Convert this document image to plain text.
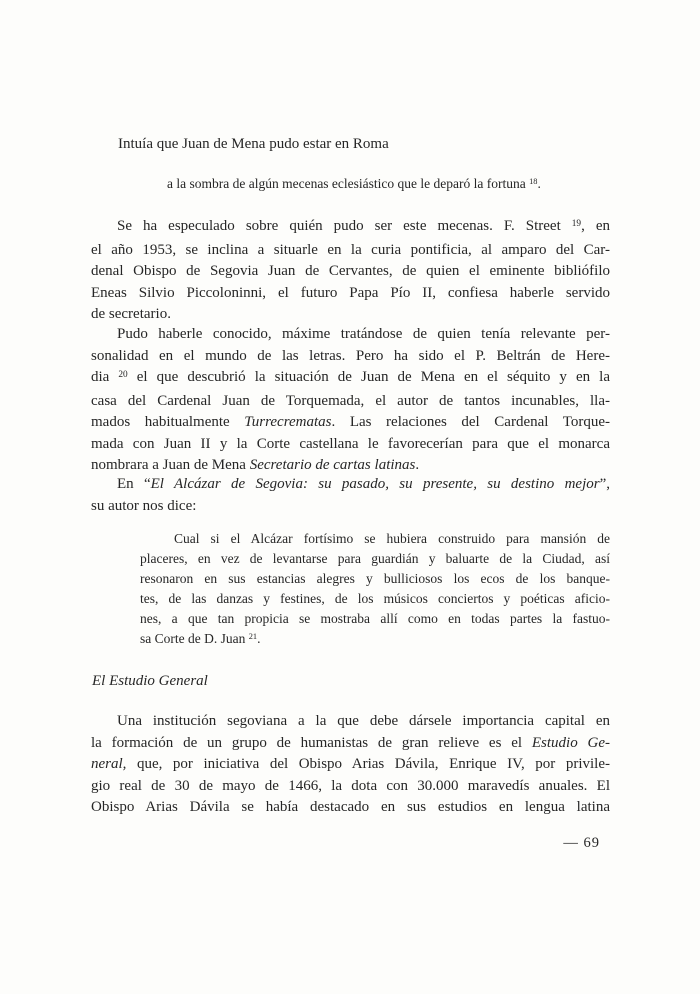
Intuía que Juan de Mena pudo estar en Roma
a la sombra de algún mecenas eclesiástico que le deparó la fortuna $^{18}$.
Se ha especulado sobre quién pudo ser este mecenas. F. Street $^{19}$, en
el año 1953, se inclina a situarle en la curia pontificia, al amparo del Car-
denal Obispo de Segovia Juan de Cervantes, de quien el eminente bibliófilo
Eneas Silvio Piccoloninni, el futuro Papa Pío II, confiesa haberle servido
de secretario.
Pudo haberle conocido, máxime tratándose de quien tenía relevante per-
sonalidad en el mundo de las letras. Pero ha sido el P. Beltrán de Here-
dia $^{20}$ el que descubrió la situación de Juan de Mena en el séquito y en la
casa del Cardenal Juan de Torquemada, el autor de tantos incunables, lla-
mados habitualmente Turrecrematas. Las relaciones del Cardenal Torque-
mada con Juan II y la Corte castellana le favorecerían para que el monarca
nombrara a Juan de Mena Secretario de cartas latinas.
En “El Alcázar de Segovia: su pasado, su presente, su destino mejor”,
su autor nos dice:
Cual si el Alcázar fortísimo se hubiera construido para mansión de
placeres, en vez de levantarse para guardián y baluarte de la Ciudad, así
resonaron en sus estancias alegres y bulliciosos los ecos de los banque-
tes, de las danzas y festines, de los músicos conciertos y poéticas aficio-
nes, a que tan propicia se mostraba allí como en todas partes la fastuo-
sa Corte de D. Juan $^{21}$.
El Estudio General
Una institución segoviana a la que debe dársele importancia capital en
la formación de un grupo de humanistas de gran relieve es el Estudio Ge-
neral, que, por iniciativa del Obispo Arias Dávila, Enrique IV, por privile-
gio real de 30 de mayo de 1466, la dota con 30.000 maravedís anuales. El
Obispo Arias Dávila se había destacado en sus estudios en lengua latina
— 69
